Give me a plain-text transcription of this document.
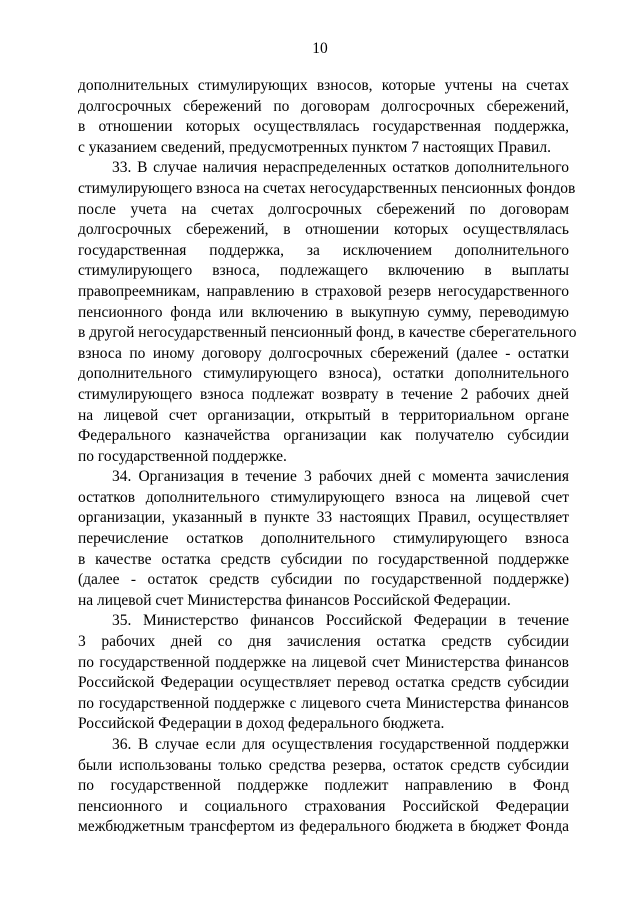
10
дополнительных стимулирующих взносов, которые учтены на счетах
долгосрочных сбережений по договорам долгосрочных сбережений,
в отношении которых осуществлялась государственная поддержка,
с указанием сведений, предусмотренных пунктом 7 настоящих Правил.
33. В случае наличия нераспределенных остатков дополнительного
стимулирующего взноса на счетах негосударственных пенсионных фондов
после учета на счетах долгосрочных сбережений по договорам
долгосрочных сбережений, в отношении которых осуществлялась
государственная поддержка, за исключением дополнительного
стимулирующего взноса, подлежащего включению в выплаты
правопреемникам, направлению в страховой резерв негосударственного
пенсионного фонда или включению в выкупную сумму, переводимую
в другой негосударственный пенсионный фонд, в качестве сберегательного
взноса по иному договору долгосрочных сбережений (далее - остатки
дополнительного стимулирующего взноса), остатки дополнительного
стимулирующего взноса подлежат возврату в течение 2 рабочих дней
на лицевой счет организации, открытый в территориальном органе
Федерального казначейства организации как получателю субсидии
по государственной поддержке.
34. Организация в течение 3 рабочих дней с момента зачисления
остатков дополнительного стимулирующего взноса на лицевой счет
организации, указанный в пункте 33 настоящих Правил, осуществляет
перечисление остатков дополнительного стимулирующего взноса
в качестве остатка средств субсидии по государственной поддержке
(далее - остаток средств субсидии по государственной поддержке)
на лицевой счет Министерства финансов Российской Федерации.
35. Министерство финансов Российской Федерации в течение
3 рабочих дней со дня зачисления остатка средств субсидии
по государственной поддержке на лицевой счет Министерства финансов
Российской Федерации осуществляет перевод остатка средств субсидии
по государственной поддержке с лицевого счета Министерства финансов
Российской Федерации в доход федерального бюджета.
36. В случае если для осуществления государственной поддержки
были использованы только средства резерва, остаток средств субсидии
по государственной поддержке подлежит направлению в Фонд
пенсионного и социального страхования Российской Федерации
межбюджетным трансфертом из федерального бюджета в бюджет Фонда
